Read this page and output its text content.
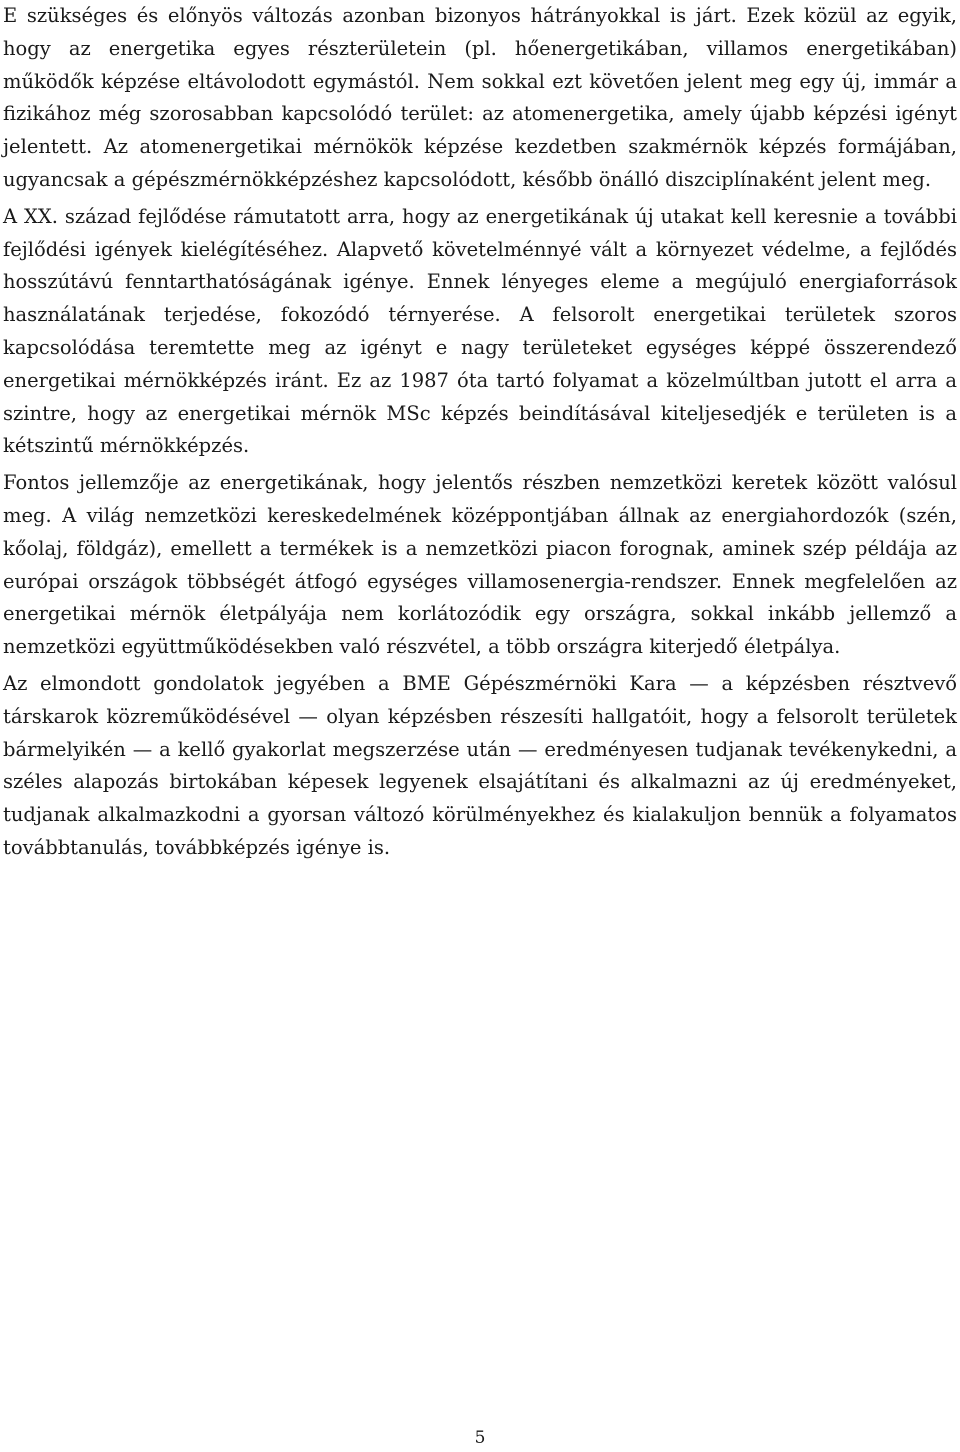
E szükséges és előnyös változás azonban bizonyos hátrányokkal is járt. Ezek közül az egyik, hogy az energetika egyes részterületein (pl. hőenergetikában, villamos energetikában) működők képzése eltávolodott egymástól. Nem sokkal ezt követően jelent meg egy új, immár a fizikához még szorosabban kapcsolódó terület: az atomenergetika, amely újabb képzési igényt jelentett. Az atomenergetikai mérnökök képzése kezdetben szakmérnök képzés formájában, ugyancsak a gépészmérnökképzéshez kapcsolódott, később önálló diszciplínaként jelent meg.

A XX. század fejlődése rámutatott arra, hogy az energetikának új utakat kell keresnie a további fejlődési igények kielégítéséhez. Alapvető követelménnyé vált a környezet védelme, a fejlődés hosszútávú fenntarthatóságának igénye. Ennek lényeges eleme a megújuló energiaforrások használatának terjedése, fokozódó térnyerése. A felsorolt energetikai területek szoros kapcsolódása teremtette meg az igényt e nagy területeket egységes képpé összerendező energetikai mérnökképzés iránt. Ez az 1987 óta tartó folyamat a közelmúltban jutott el arra a szintre, hogy az energetikai mérnök MSc képzés beindításával kiteljesedjék e területen is a kétszintű mérnökképzés.

Fontos jellemzője az energetikának, hogy jelentős részben nemzetközi keretek között valósul meg. A világ nemzetközi kereskedelmének középpontjában állnak az energiahordozók (szén, kőolaj, földgáz), emellett a termékek is a nemzetközi piacon forognak, aminek szép példája az európai országok többségét átfogó egységes villamosenergia-rendszer. Ennek megfelelően az energetikai mérnök életpályája nem korlátozódik egy országra, sokkal inkább jellemző a nemzetközi együttműködésekben való részvétel, a több országra kiterjedő életpálya.

Az elmondott gondolatok jegyében a BME Gépészmérnöki Kara — a képzésben résztvevő társkarok közreműködésével — olyan képzésben részesíti hallgatóit, hogy a felsorolt területek bármelyikén — a kellő gyakorlat megszerzése után — eredményesen tudjanak tevékenykedni, a széles alapozás birtokában képesek legyenek elsajátítani és alkalmazni az új eredményeket, tudjanak alkalmazkodni a gyorsan változó körülményekhez és kialakuljon bennük a folyamatos továbbtanulás, továbbképzés igénye is.

5
